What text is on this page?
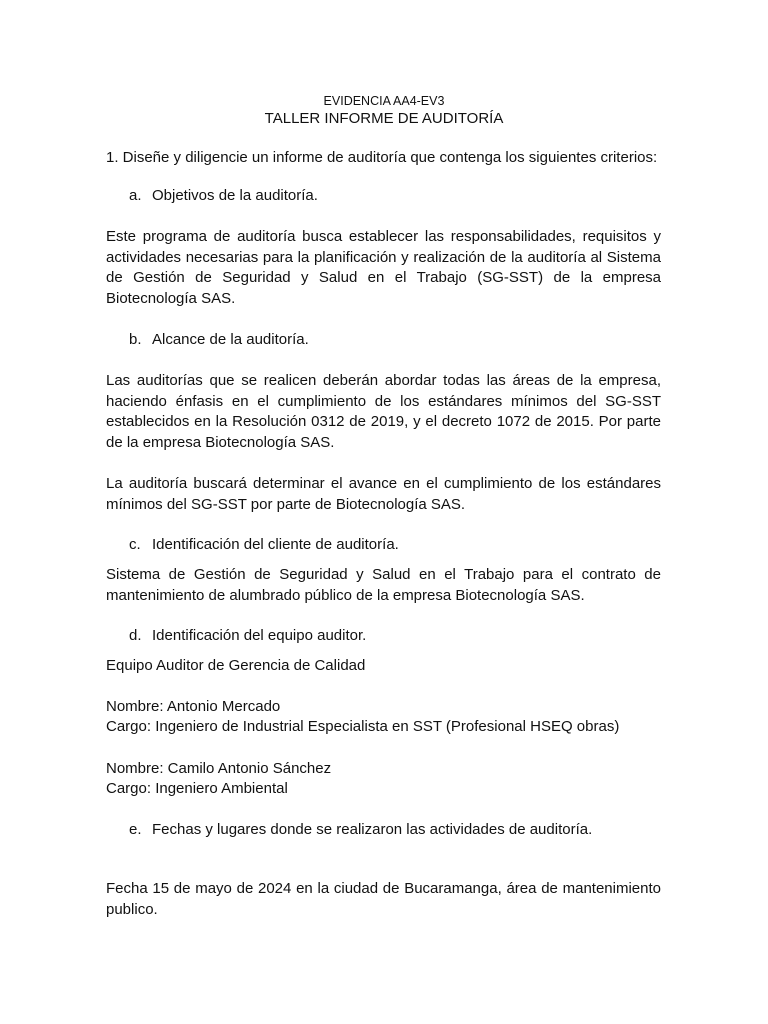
EVIDENCIA AA4-EV3
TALLER INFORME DE AUDITORÍA
1. Diseñe y diligencie un informe de auditoría que contenga los siguientes criterios:
a. Objetivos de la auditoría.
Este programa de auditoría busca establecer las responsabilidades, requisitos y actividades necesarias para la planificación y realización de la auditoría al Sistema de Gestión de Seguridad y Salud en el Trabajo (SG-SST) de la empresa Biotecnología SAS.
b. Alcance de la auditoría.
Las auditorías que se realicen deberán abordar todas las áreas de la empresa, haciendo énfasis en el cumplimiento de los estándares mínimos del SG-SST establecidos en la Resolución 0312 de 2019, y el decreto 1072 de 2015. Por parte de la empresa Biotecnología SAS.
La auditoría buscará determinar el avance en el cumplimiento de los estándares mínimos del SG-SST por parte de Biotecnología SAS.
c. Identificación del cliente de auditoría.
Sistema de Gestión de Seguridad y Salud en el Trabajo para el contrato de mantenimiento de alumbrado público de la empresa Biotecnología SAS.
d. Identificación del equipo auditor.
Equipo Auditor de Gerencia de Calidad
Nombre: Antonio Mercado
Cargo: Ingeniero de Industrial Especialista en SST (Profesional HSEQ obras)
Nombre: Camilo Antonio Sánchez
Cargo: Ingeniero Ambiental
e. Fechas y lugares donde se realizaron las actividades de auditoría.
Fecha 15 de mayo de 2024 en la ciudad de Bucaramanga, área de mantenimiento publico.
